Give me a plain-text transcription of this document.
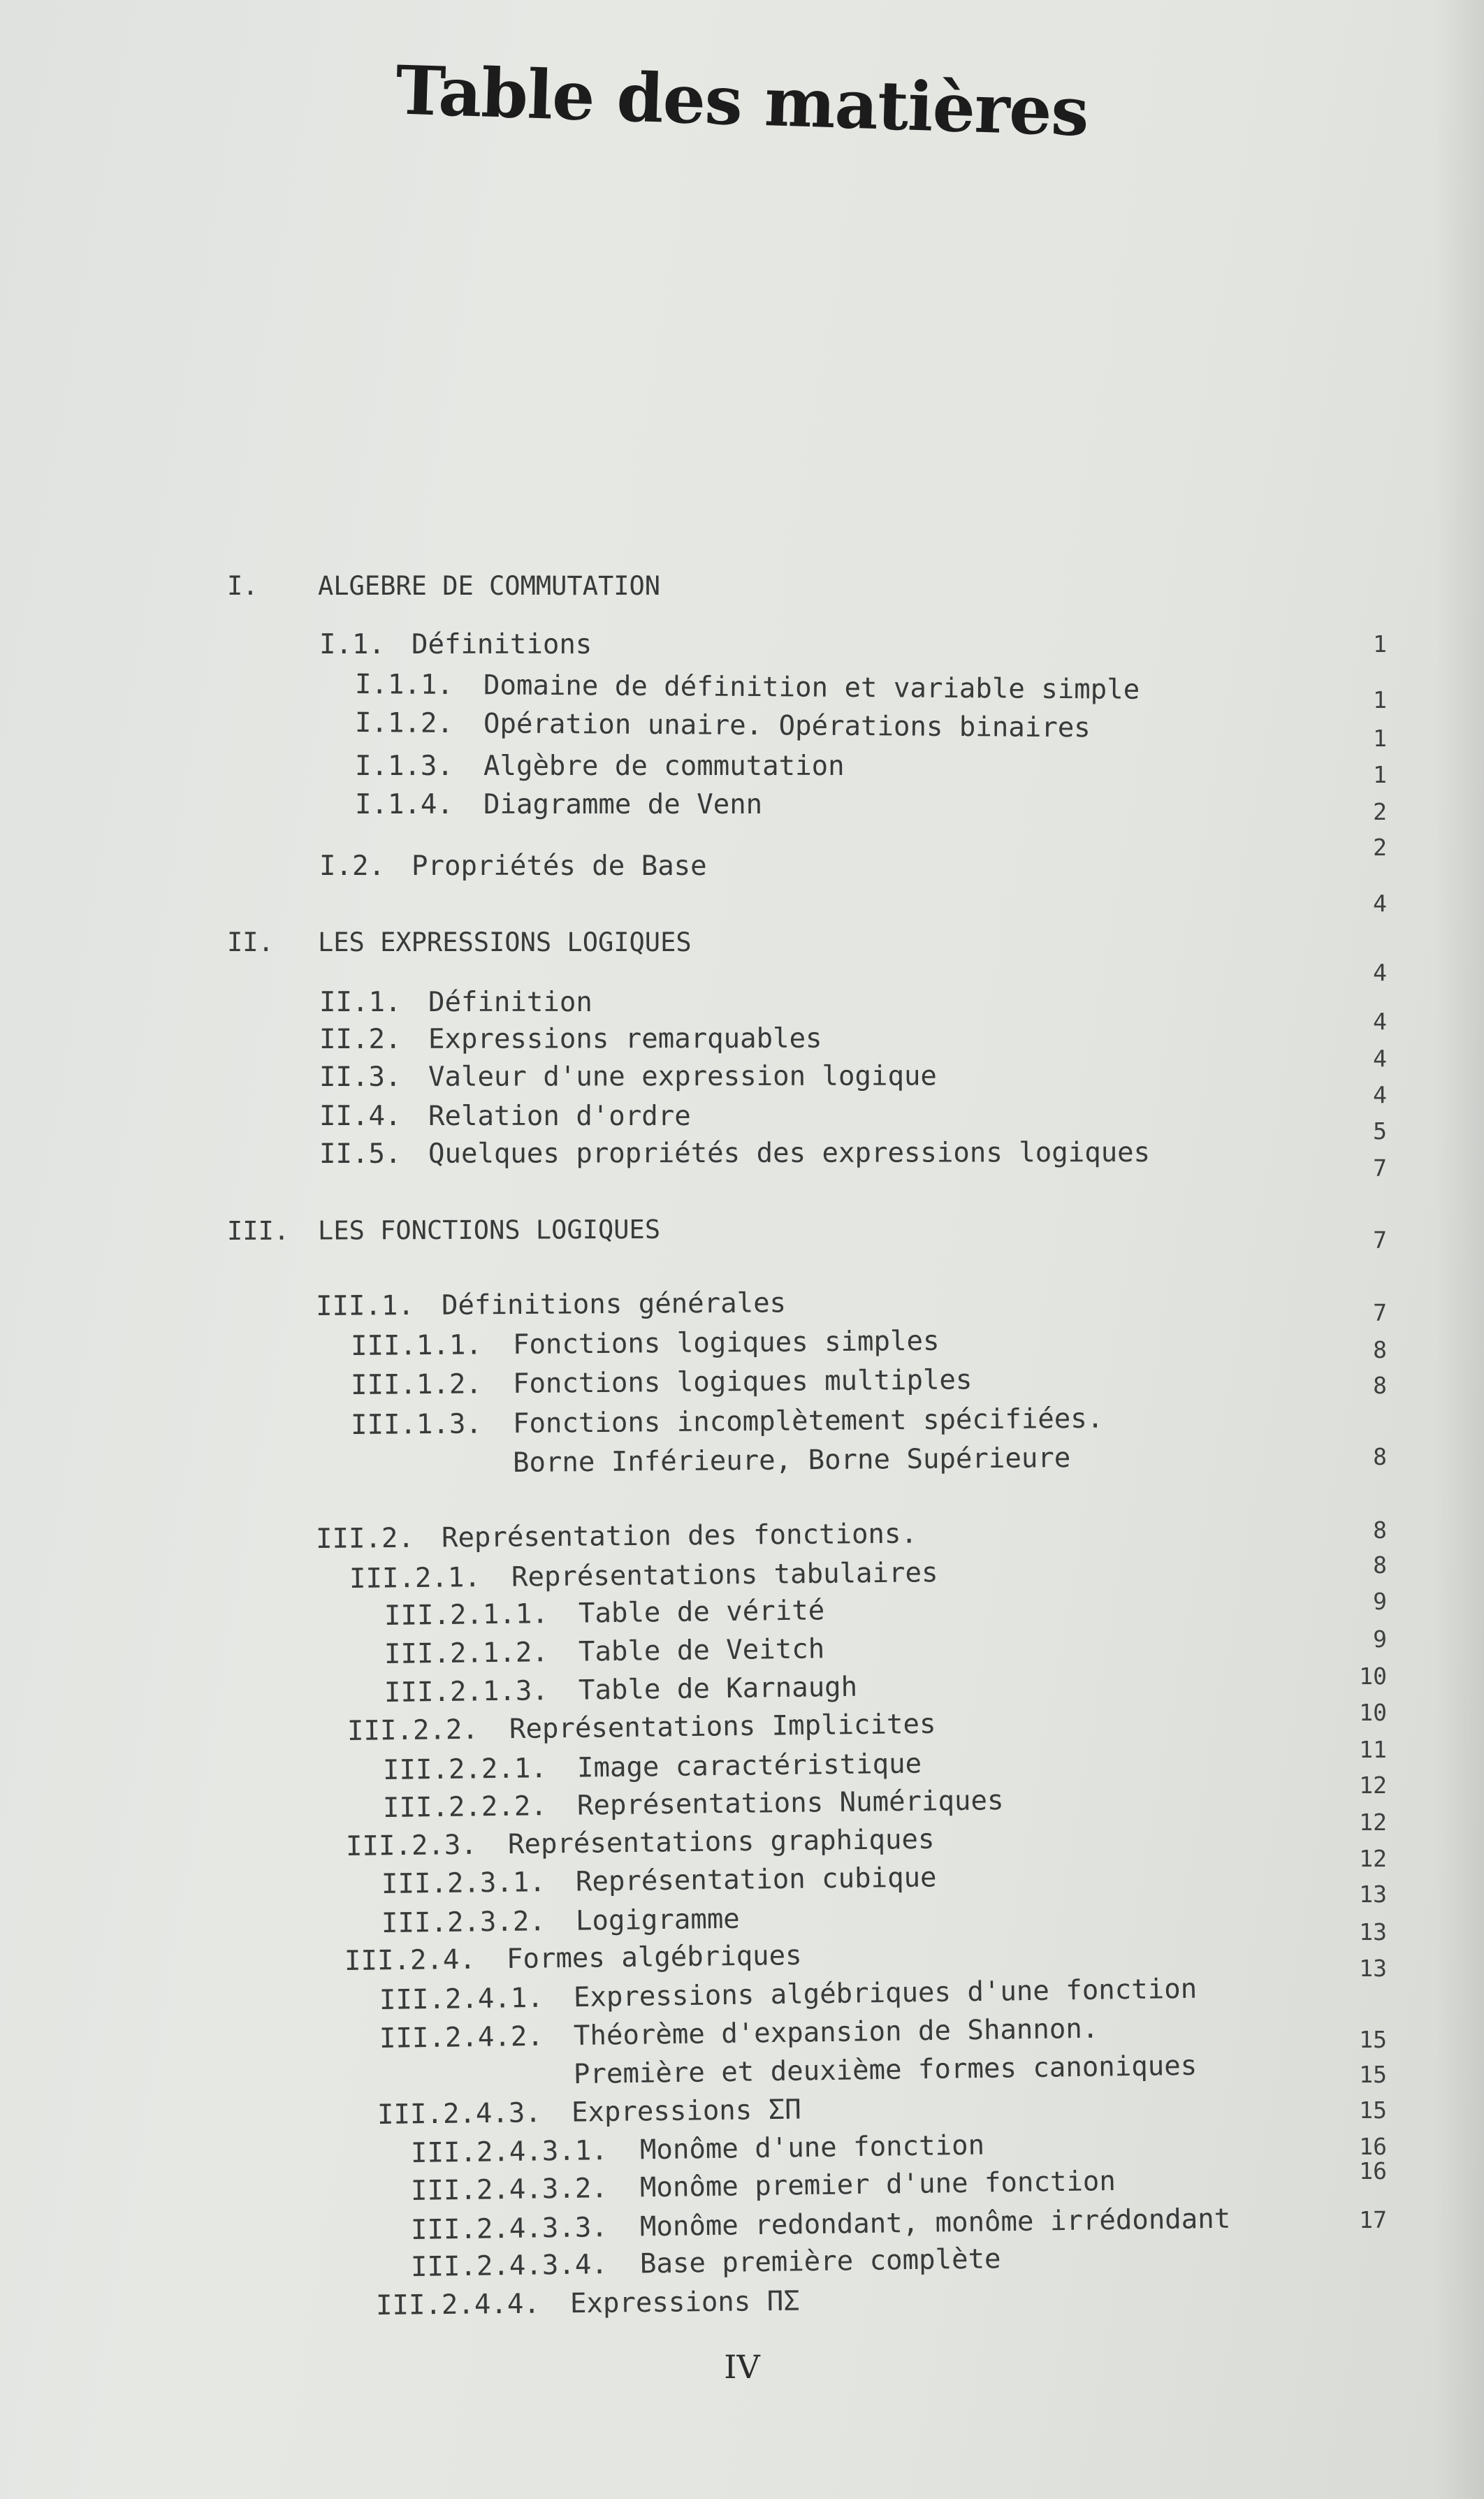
Table des matières
I. ALGEBRE DE COMMUTATION
I.1. Définitions
I.1.1. Domaine de définition et variable simple
I.1.2. Opération unaire. Opérations binaires
I.1.3. Algèbre de commutation
I.1.4. Diagramme de Venn
I.2. Propriétés de Base
II. LES EXPRESSIONS LOGIQUES
II.1. Définition
II.2. Expressions remarquables
II.3. Valeur d'une expression logique
II.4. Relation d'ordre
II.5. Quelques propriétés des expressions logiques
III. LES FONCTIONS LOGIQUES
III.1. Définitions générales
III.1.1. Fonctions logiques simples
III.1.2. Fonctions logiques multiples
III.1.3. Fonctions incomplètement spécifiées.
Borne Inférieure, Borne Supérieure
III.2. Représentation des fonctions.
III.2.1. Représentations tabulaires
III.2.1.1. Table de vérité
III.2.1.2. Table de Veitch
III.2.1.3. Table de Karnaugh
III.2.2. Représentations Implicites
III.2.2.1. Image caractéristique
III.2.2.2. Représentations Numériques
III.2.3. Représentations graphiques
III.2.3.1. Représentation cubique
III.2.3.2. Logigramme
III.2.4. Formes algébriques
III.2.4.1. Expressions algébriques d'une fonction
III.2.4.2. Théorème d'expansion de Shannon.
Première et deuxième formes canoniques
III.2.4.3. Expressions ΣΠ
III.2.4.3.1. Monôme d'une fonction
III.2.4.3.2. Monôme premier d'une fonction
III.2.4.3.3. Monôme redondant, monôme irrédondant
III.2.4.3.4. Base première complète
III.2.4.4. Expressions ΠΣ
1
1
1
1
2
2
4
4
4
4
4
5
7
7
7
8
8
8
8
8
9
9
10
10
11
12
12
12
13
13
13
15
15
15
16
16
17
IV
